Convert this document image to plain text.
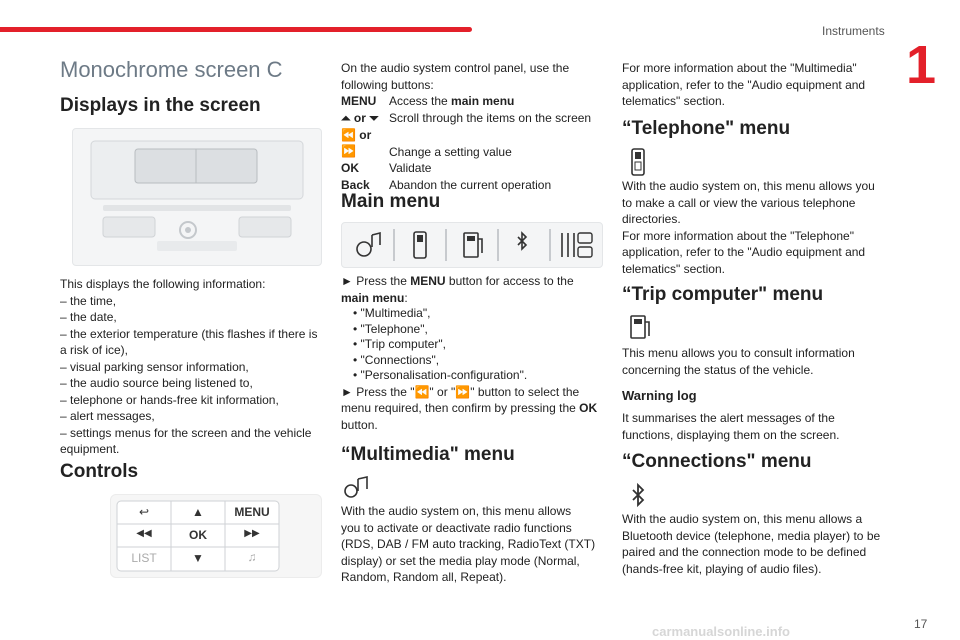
Instruments
1
17
carmanualsonline.info
Monochrome screen C
Displays in the screen

This displays the following information:

– the time,
– the date,
– the exterior temperature (this flashes if there is
a risk of ice),
– visual parking sensor information,
– the audio source being listened to,
– telephone or hands-free kit information,
– alert messages,
– settings menus for the screen and the vehicle
equipment.
Controls
↩	▲	MENU
◀◀	OK	▶▶
LIST	▼	♫

On the audio system control panel, use the following buttons:

MENU Access the main menu
⏶ or ⏷ Scroll through the items on the screen
⏪ or ⏩	Change a setting value
OK	Validate
Back Abandon the current operation
Main menu

► Press the MENU button for access to the

main menu:

• "Multimedia",
• "Telephone",
• "Trip computer",
• "Connections",
• "Personalisation-configuration".

► Press the "⏪" or "⏩" button to select the

menu required, then confirm by pressing the OK

button.

“Multimedia" menu
With the audio system on, this menu allows
you to activate or deactivate radio functions
(RDS, DAB / FM auto tracking, RadioText (TXT)
display) or set the media play mode (Normal,
Random, Random all, Repeat).
For more information about the "Multimedia"
application, refer to the "Audio equipment and
telematics" section.
“Telephone" menu
With the audio system on, this menu allows you
to make a call or view the various telephone
directories.
For more information about the "Telephone"
application, refer to the "Audio equipment and
telematics" section.
“Trip computer" menu
This menu allows you to consult information
concerning the status of the vehicle.
Warning log
It summarises the alert messages of the
functions, displaying them on the screen.
“Connections" menu
With the audio system on, this menu allows a
Bluetooth device (telephone, media player) to be
paired and the connection mode to be defined
(hands-free kit, playing of audio files).
